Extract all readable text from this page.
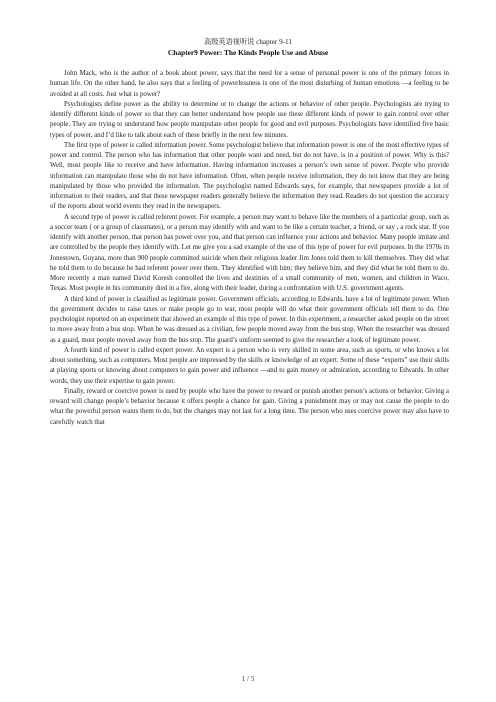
高级英语视听说 chapter 9-11
Chapter9 Power: The Kinds People Use and Abuse

John Mack, who is the author of a book about power, says that the need for a sense of personal power is one of the primary forces in human life. On the other hand, he also says that a feeling of powerlessness is one of the most disturbing of human emotions —a feeling to be avoided at all costs. Just what is power?

Psychologists define power as the ability to determine or to change the actions or behavior of other people. Psychologists are trying to identify different kinds of power so that they can better understand how people use these different kinds of power to gain control over other people. They are trying to understand how people manipulate other people for good and evil purposes. Psychologists have identified five basic types of power, and I’d like to talk about each of these briefly in the next few minutes.

The first type of power is called information power. Some psychologist believe that information power is one of the most effective types of power and control. The person who has information that other people want and need, but do not have, is in a position of power. Why is this? Well, most people like to receive and have information. Having information increases a person’s own sense of power. People who provide information can manipulate those who do not have information. Often, when people receive information, they do not know that they are being manipulated by those who provided the information. The psychologist named Edwards says, for example, that newspapers provide a lot of information to their readers, and that these newspaper readers generally believe the information they read. Readers do not question the accuracy of the reports about world events they read in the newspapers.

A second type of power is called referent power. For example, a person may want to behave like the members of a particular group, such as a soccer team ( or a group of classmates), or a person may identify with and want to be like a certain teacher, a friend, or say , a rock star. If you identify with another person, that person has power over you, and that person can influence your actions and behavior. Many people imitate and are controlled by the people they identify with. Let me give you a sad example of the use of this type of power for evil purposes. In the 1970s in Jonestown, Guyana, more than 900 people committed suicide when their religious leader Jim Jones told them to kill themselves. They did what he told them to do because he had referent power over them. They identified with him; they believe him, and they did what he told them to do. More recently a man named David Koresh controlled the lives and destinies of a small community of men, women, and children in Waco, Texas. Most people in his community died in a fire, along with their leader, during a confrontation with U.S. government agents.

A third kind of power is classified as legitimate power. Government officials, according to Edwards, have a lot of legitimate power. When the government decides to raise taxes or make people go to war, most people will do what their government officials tell them to do. One psychologist reported on an experiment that showed an example of this type of power. In this experiment, a researcher asked people on the street to move away from a bus stop. When he was dressed as a civilian, few people moved away from the bus stop. When the researcher was dressed as a guard, most people moved away from the bus stop. The guard’s uniform seemed to give the researcher a look of legitimate power.

A fourth kind of power is called expert power. An expert is a person who is very skilled in some area, such as sports, or who knows a lot about something, such as computers. Most people are impressed by the skills or knowledge of an expert. Some of these “experts” use their skills at playing sports or knowing about computers to gain power and influence —and to gain money or admiration, according to Edwards. In other words, they use their expertise to gain power.

Finally, reward or coercive power is used by people who have the power to reward or punish another person’s actions or behavior. Giving a reward will change people’s behavior because it offers people a chance for gain. Giving a punishment may or may not cause the people to do what the powerful person wants them to do, but the changes may not last for a long time. The person who uses coercive power may also have to carefully watch that

1 / 5
